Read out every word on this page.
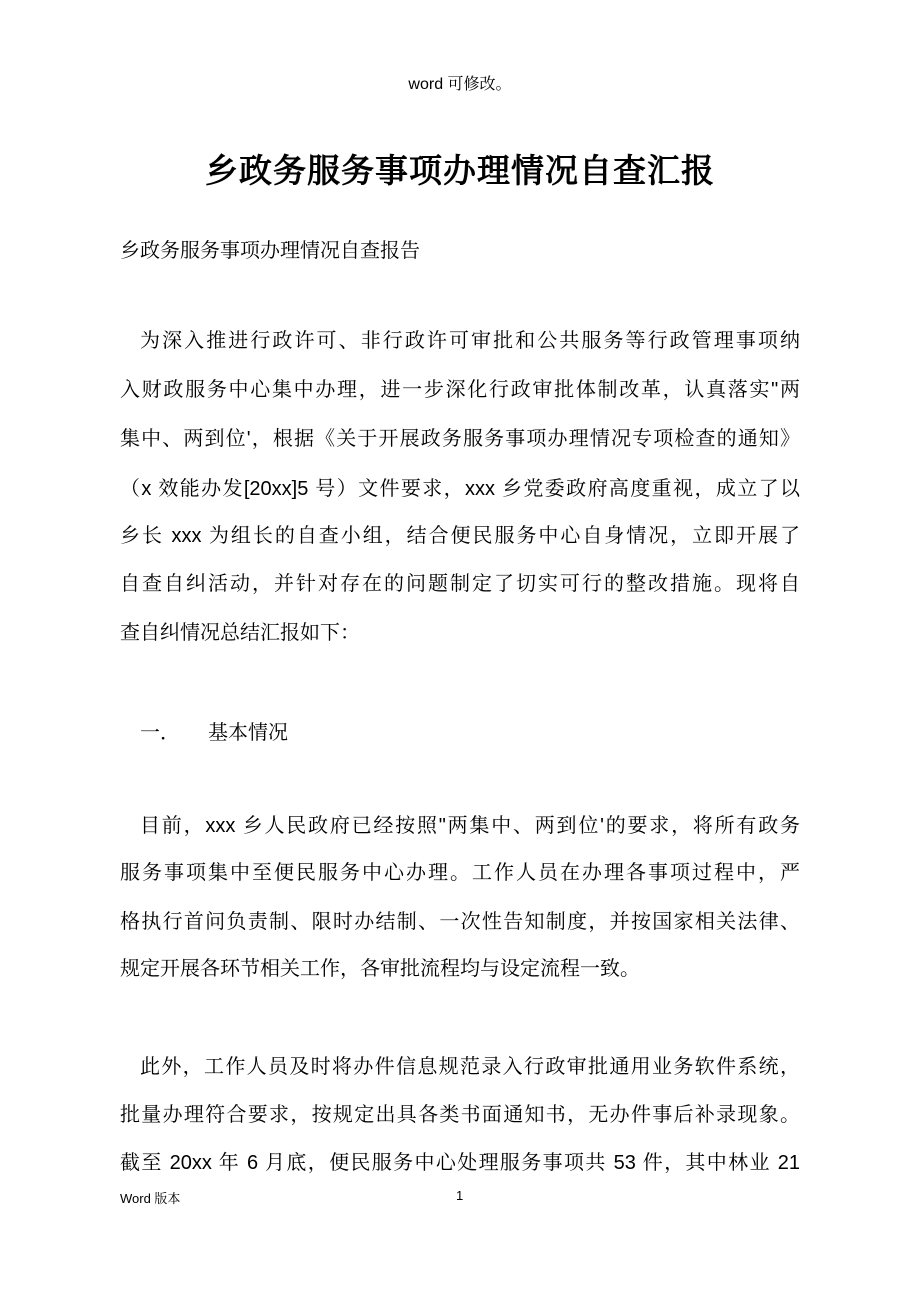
word 可修改。
乡政务服务事项办理情况自查汇报
乡政务服务事项办理情况自查报告
为深入推进行政许可、非行政许可审批和公共服务等行政管理事项纳
入财政服务中心集中办理，进一步深化行政审批体制改革，认真落实"两
集中、两到位'，根据《关于开展政务服务事项办理情况专项检查的通知》
（x 效能办发[20xx]5 号）文件要求，xxx 乡党委政府高度重视，成立了以
乡长 xxx 为组长的自查小组，结合便民服务中心自身情况，立即开展了
自查自纠活动，并针对存在的问题制定了切实可行的整改措施。现将自
查自纠情况总结汇报如下：
一． 基本情况
目前，xxx 乡人民政府已经按照"两集中、两到位'的要求，将所有政务
服务事项集中至便民服务中心办理。工作人员在办理各事项过程中，严
格执行首问负责制、限时办结制、一次性告知制度，并按国家相关法律、
规定开展各环节相关工作，各审批流程均与设定流程一致。
此外，工作人员及时将办件信息规范录入行政审批通用业务软件系统，
批量办理符合要求，按规定出具各类书面通知书，无办件事后补录现象。
截至 20xx 年 6 月底，便民服务中心处理服务事项共 53 件，其中林业 21
Word 版本	1
